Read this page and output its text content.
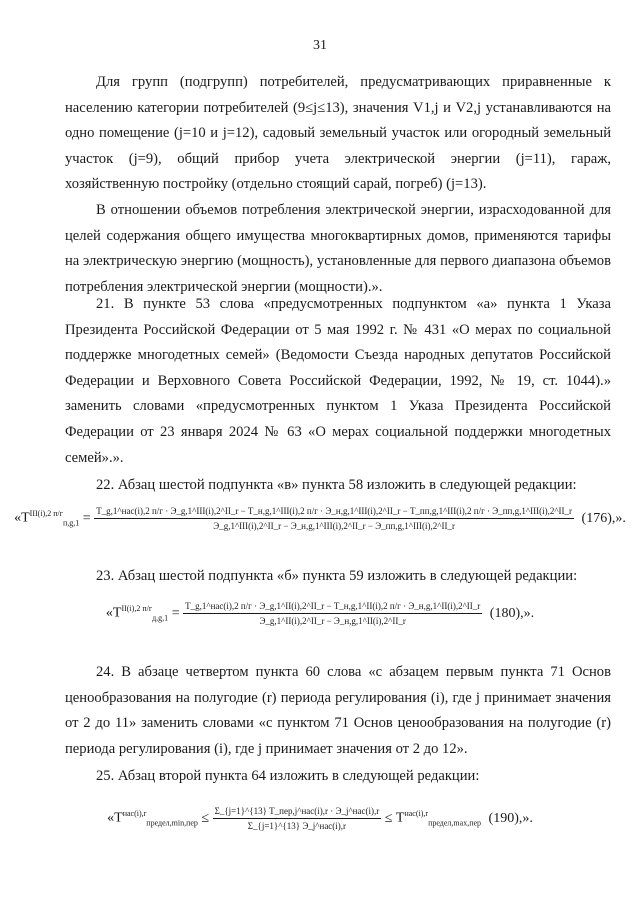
31

Для групп (подгрупп) потребителей, предусматривающих приравненные к населению категории потребителей (9≤j≤13), значения V1,j и V2,j устанавливаются на одно помещение (j=10 и j=12), садовый земельный участок или огородный земельный участок (j=9), общий прибор учета электрической энергии (j=11), гараж, хозяйственную постройку (отдельно стоящий сарай, погреб) (j=13).

В отношении объемов потребления электрической энергии, израсходованной для целей содержания общего имущества многоквартирных домов, применяются тарифы на электрическую энергию (мощность), установленные для первого диапазона объемов потребления электрической энергии (мощности).».

21. В пункте 53 слова «предусмотренных подпунктом «а» пункта 1 Указа Президента Российской Федерации от 5 мая 1992 г. № 431 «О мерах по социальной поддержке многодетных семей» (Ведомости Съезда народных депутатов Российской Федерации и Верховного Совета Российской Федерации, 1992, № 19, ст. 1044).» заменить словами «предусмотренных пунктом 1 Указа Президента Российской Федерации от 23 января 2024 № 63 «О мерах социальной поддержки многодетных семей».».

22. Абзац шестой подпункта «в» пункта 58 изложить в следующей редакции:

«$Т^{III(i),2 п/г}_{п,g,1}$ = Т_g,1^нас(i),2 п/г · Э_g,1^III(i),2^II_r − Т_н,g,1^III(i),2 п/г · Э_н,g,1^III(i),2^II_r − Т_пп,g,1^III(i),2 п/г · Э_пп,g,1^III(i),2^II_r
Э_g,1^III(i),2^II_r − Э_н,g,1^III(i),2^II_r − Э_пп,g,1^III(i),2^II_r
(176),».

23. Абзац шестой подпункта «б» пункта 59 изложить в следующей редакции:

«$Т^{II(i),2 п/г}_{д,g,1}$ = Т_g,1^нас(i),2 п/г · Э_g,1^II(i),2^II_r − Т_н,g,1^II(i),2 п/г · Э_н,g,1^II(i),2^II_r
Э_g,1^II(i),2^II_r − Э_н,g,1^II(i),2^II_r
(180),».

24. В абзаце четвертом пункта 60 слова «с абзацем первым пункта 71 Основ ценообразования на полугодие (r) периода регулирования (i), где j принимает значения от 2 до 11» заменить словами «с пунктом 71 Основ ценообразования на полугодие (r) периода регулирования (i), где j принимает значения от 2 до 12».

25. Абзац второй пункта 64 изложить в следующей редакции:

«$Т^{нас(i),r}_{предел,min,пер} \le \frac{\text{Σ\_\{j=1\}\textasciicircum{}\{13\} Т\_пер,j\textasciicircum{}нас(i),r · Э\_j\textasciicircum{}нас(i),r}}{\text{Σ\_\{j=1\}\textasciicircum{}\{13\} Э\_j\textasciicircum{}нас(i),r}} \le Т^{нас(i),r}_{предел,max,пер}$ (190),».
